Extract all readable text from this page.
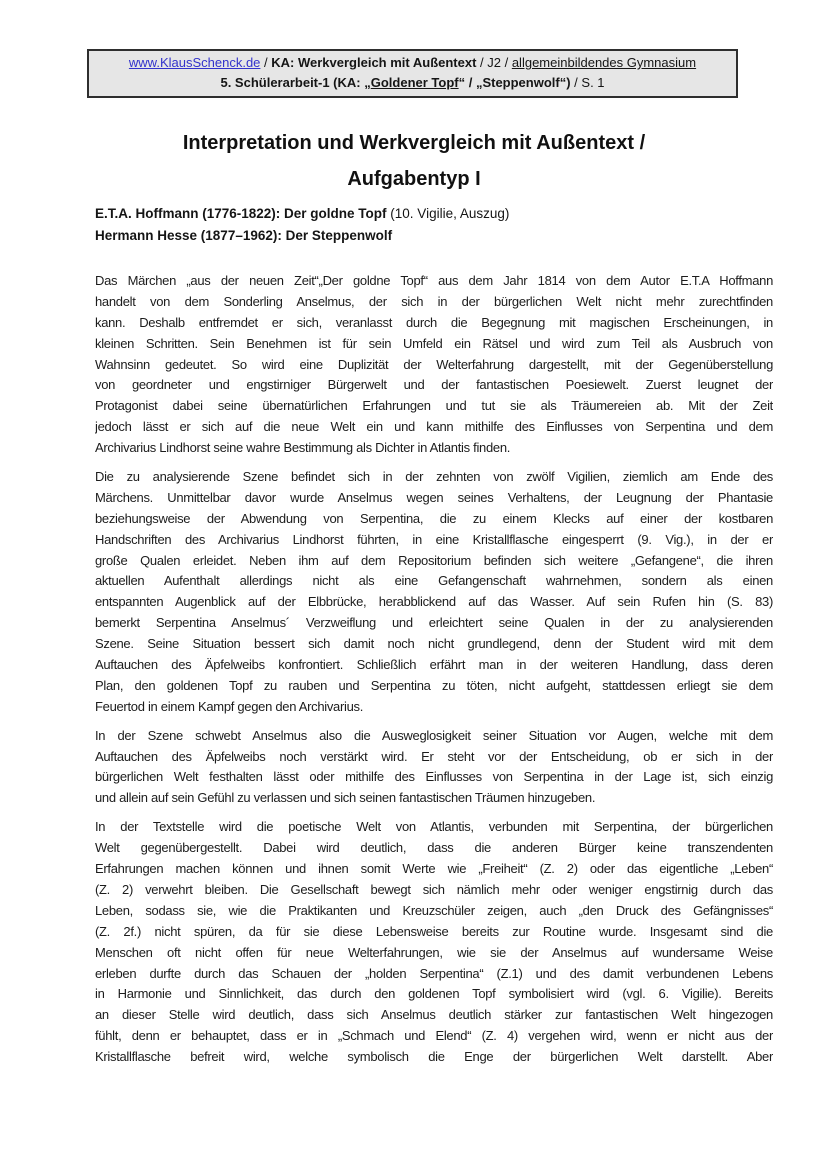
www.KlausSchenck.de / KA: Werkvergleich mit Außentext / J2 / allgemeinbildendes Gymnasium
5. Schülerarbeit-1 (KA: „Goldener Topf“ / „Steppenwolf“) / S. 1
Interpretation und Werkvergleich mit Außentext /
Aufgabentyp I
E.T.A. Hoffmann (1776-1822): Der goldne Topf (10. Vigilie, Auszug)
Hermann Hesse (1877–1962): Der Steppenwolf
Das Märchen „aus der neuen Zeit“„Der goldne Topf“ aus dem Jahr 1814 von dem Autor E.T.A Hoffmann
handelt von dem Sonderling Anselmus, der sich in der bürgerlichen Welt nicht mehr zurechtfinden
kann. Deshalb entfremdet er sich, veranlasst durch die Begegnung mit magischen Erscheinungen, in
kleinen Schritten. Sein Benehmen ist für sein Umfeld ein Rätsel und wird zum Teil als Ausbruch von
Wahnsinn gedeutet. So wird eine Duplizität der Welterfahrung dargestellt, mit der Gegenüberstellung
von geordneter und engstirniger Bürgerwelt und der fantastischen Poesiewelt. Zuerst leugnet der
Protagonist dabei seine übernatürlichen Erfahrungen und tut sie als Träumereien ab. Mit der Zeit
jedoch lässt er sich auf die neue Welt ein und kann mithilfe des Einflusses von Serpentina und dem
Archivarius Lindhorst seine wahre Bestimmung als Dichter in Atlantis finden.
Die zu analysierende Szene befindet sich in der zehnten von zwölf Vigilien, ziemlich am Ende des
Märchens. Unmittelbar davor wurde Anselmus wegen seines Verhaltens, der Leugnung der Phantasie
beziehungsweise der Abwendung von Serpentina, die zu einem Klecks auf einer der kostbaren
Handschriften des Archivarius Lindhorst führten, in eine Kristallflasche eingesperrt (9. Vig.), in der er
große Qualen erleidet. Neben ihm auf dem Repositorium befinden sich weitere „Gefangene“, die ihren
aktuellen Aufenthalt allerdings nicht als eine Gefangenschaft wahrnehmen, sondern als einen
entspannten Augenblick auf der Elbbrücke, herabblickend auf das Wasser. Auf sein Rufen hin (S. 83)
bemerkt Serpentina Anselmus´ Verzweiflung und erleichtert seine Qualen in der zu analysierenden
Szene. Seine Situation bessert sich damit noch nicht grundlegend, denn der Student wird mit dem
Auftauchen des Äpfelweibs konfrontiert. Schließlich erfährt man in der weiteren Handlung, dass deren
Plan, den goldenen Topf zu rauben und Serpentina zu töten, nicht aufgeht, stattdessen erliegt sie dem
Feuertod in einem Kampf gegen den Archivarius.
In der Szene schwebt Anselmus also die Ausweglosigkeit seiner Situation vor Augen, welche mit dem
Auftauchen des Äpfelweibs noch verstärkt wird. Er steht vor der Entscheidung, ob er sich in der
bürgerlichen Welt festhalten lässt oder mithilfe des Einflusses von Serpentina in der Lage ist, sich einzig
und allein auf sein Gefühl zu verlassen und sich seinen fantastischen Träumen hinzugeben.
In der Textstelle wird die poetische Welt von Atlantis, verbunden mit Serpentina, der bürgerlichen
Welt gegenübergestellt. Dabei wird deutlich, dass die anderen Bürger keine transzendenten
Erfahrungen machen können und ihnen somit Werte wie „Freiheit“ (Z. 2) oder das eigentliche „Leben“
(Z. 2) verwehrt bleiben. Die Gesellschaft bewegt sich nämlich mehr oder weniger engstirnig durch das
Leben, sodass sie, wie die Praktikanten und Kreuzschüler zeigen, auch „den Druck des Gefängnisses“
(Z. 2f.) nicht spüren, da für sie diese Lebensweise bereits zur Routine wurde. Insgesamt sind die
Menschen oft nicht offen für neue Welterfahrungen, wie sie der Anselmus auf wundersame Weise
erleben durfte durch das Schauen der „holden Serpentina“ (Z.1) und des damit verbundenen Lebens
in Harmonie und Sinnlichkeit, das durch den goldenen Topf symbolisiert wird (vgl. 6. Vigilie). Bereits
an dieser Stelle wird deutlich, dass sich Anselmus deutlich stärker zur fantastischen Welt hingezogen
fühlt, denn er behauptet, dass er in „Schmach und Elend“ (Z. 4) vergehen wird, wenn er nicht aus der
Kristallflasche befreit wird, welche symbolisch die Enge der bürgerlichen Welt darstellt. Aber
